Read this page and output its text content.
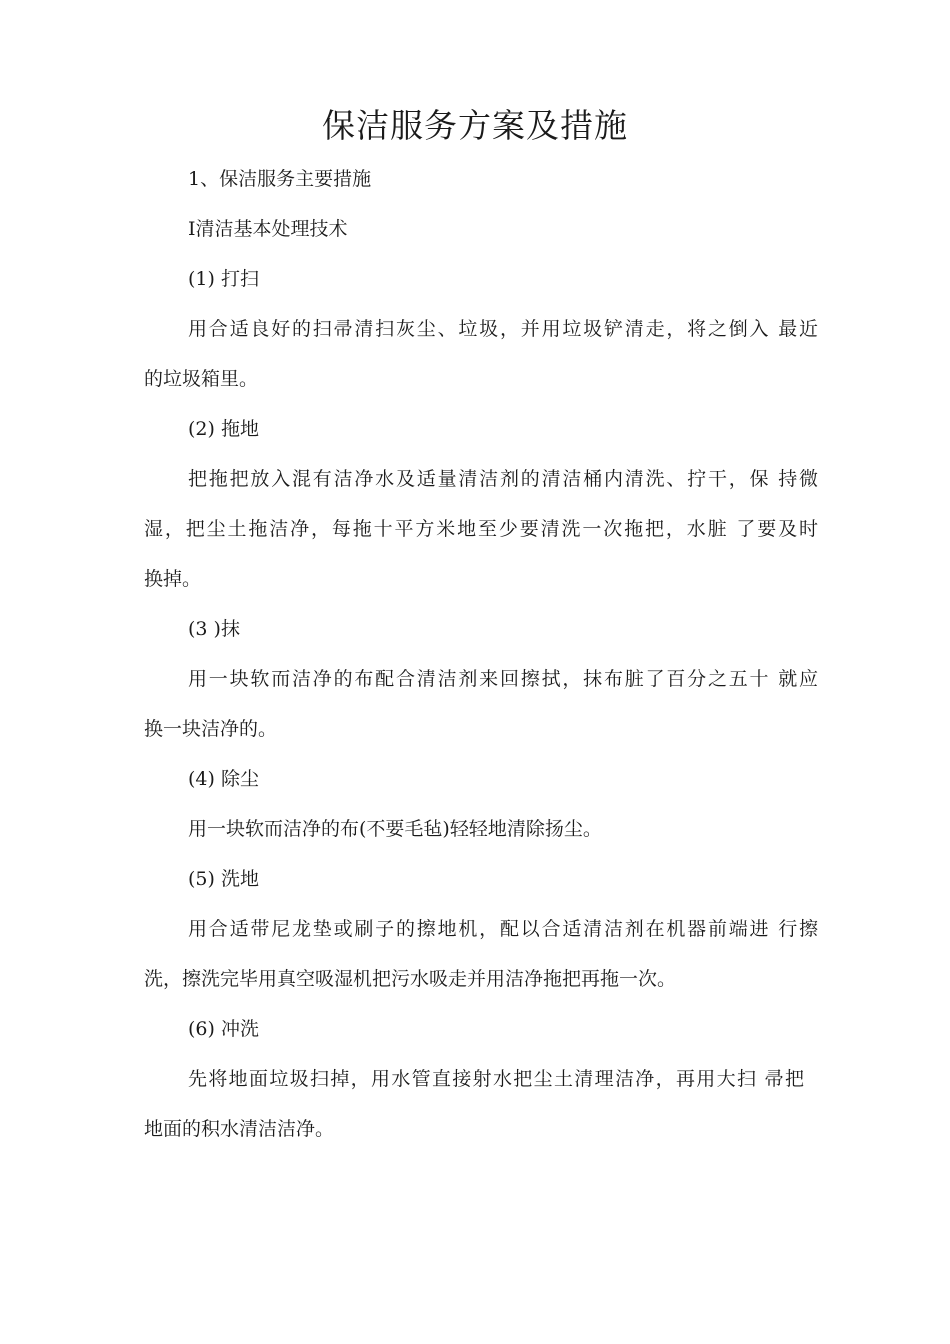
保洁服务方案及措施

1、保洁服务主要措施

Ⅰ清洁基本处理技术

(1) 打扫

用合适良好的扫帚清扫灰尘、垃圾，并用垃圾铲清走，将之倒入 最近

的垃圾箱里。

(2) 拖地

把拖把放入混有洁净水及适量清洁剂的清洁桶内清洗、拧干，保 持微

湿，把尘土拖洁净，每拖十平方米地至少要清洗一次拖把，水脏 了要及时

换掉。

(3 )抹

用一块软而洁净的布配合清洁剂来回擦拭，抹布脏了百分之五十 就应

换一块洁净的。

(4) 除尘

用一块软而洁净的布(不要毛毡)轻轻地清除扬尘。

(5) 洗地

用合适带尼龙垫或刷子的擦地机，配以合适清洁剂在机器前端进 行擦

洗，擦洗完毕用真空吸湿机把污水吸走并用洁净拖把再拖一次。

(6) 冲洗

先将地面垃圾扫掉，用水管直接射水把尘土清理洁净，再用大扫 帚把

地面的积水清洁洁净。
